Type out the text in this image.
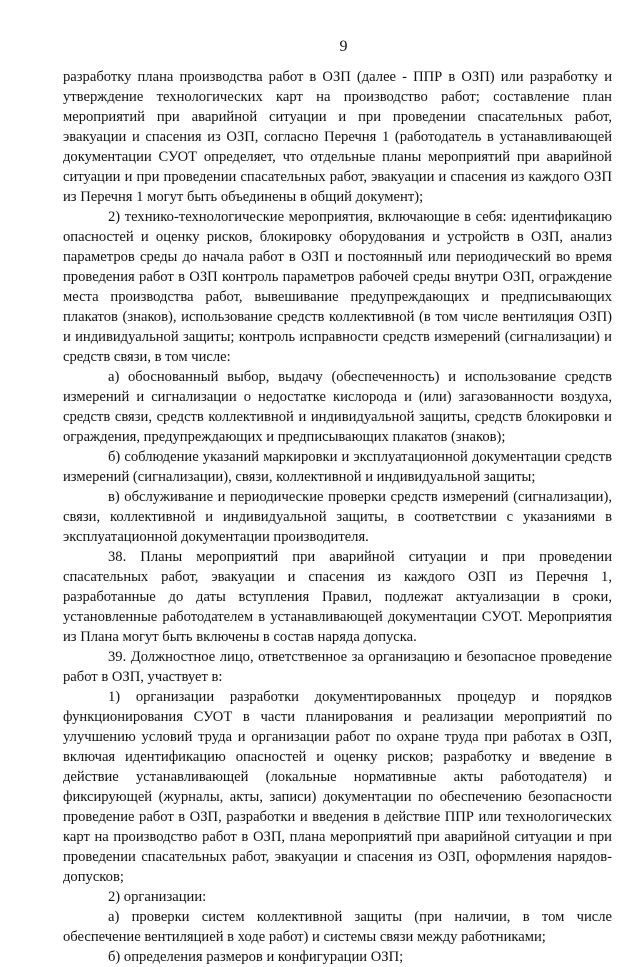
9

разработку плана производства работ в ОЗП (далее - ППР в ОЗП) или разработку и утверждение технологических карт на производство работ; составление план мероприятий при аварийной ситуации и при проведении спасательных работ, эвакуации и спасения из ОЗП, согласно Перечня 1 (работодатель в устанавливающей документации СУОТ определяет, что отдельные планы мероприятий при аварийной ситуации и при проведении спасательных работ, эвакуации и спасения из каждого ОЗП из Перечня 1 могут быть объединены в общий документ);

2) технико-технологические мероприятия, включающие в себя: идентификацию опасностей и оценку рисков, блокировку оборудования и устройств в ОЗП, анализ параметров среды до начала работ в ОЗП и постоянный или периодический во время проведения работ в ОЗП контроль параметров рабочей среды внутри ОЗП, ограждение места производства работ, вывешивание предупреждающих и предписывающих плакатов (знаков), использование средств коллективной (в том числе вентиляция ОЗП) и индивидуальной защиты; контроль исправности средств измерений (сигнализации) и средств связи, в том числе:

а) обоснованный выбор, выдачу (обеспеченность) и использование средств измерений и сигнализации о недостатке кислорода и (или) загазованности воздуха, средств связи, средств коллективной и индивидуальной защиты, средств блокировки и ограждения, предупреждающих и предписывающих плакатов (знаков);

б) соблюдение указаний маркировки и эксплуатационной документации средств измерений (сигнализации), связи, коллективной и индивидуальной защиты;

в) обслуживание и периодические проверки средств измерений (сигнализации), связи, коллективной и индивидуальной защиты, в соответствии с указаниями в эксплуатационной документации производителя.

38. Планы мероприятий при аварийной ситуации и при проведении спасательных работ, эвакуации и спасения из каждого ОЗП из Перечня 1, разработанные до даты вступления Правил, подлежат актуализации в сроки, установленные работодателем в устанавливающей документации СУОТ. Мероприятия из Плана могут быть включены в состав наряда допуска.

39. Должностное лицо, ответственное за организацию и безопасное проведение работ в ОЗП, участвует в:

1) организации разработки документированных процедур и порядков функционирования СУОТ в части планирования и реализации мероприятий по улучшению условий труда и организации работ по охране труда при работах в ОЗП, включая идентификацию опасностей и оценку рисков; разработку и введение в действие устанавливающей (локальные нормативные акты работодателя) и фиксирующей (журналы, акты, записи) документации по обеспечению безопасности проведение работ в ОЗП, разработки и введения в действие ППР или технологических карт на производство работ в ОЗП, плана мероприятий при аварийной ситуации и при проведении спасательных работ, эвакуации и спасения из ОЗП, оформления нарядов-допусков;

2) организации:

а) проверки систем коллективной защиты (при наличии, в том числе обеспечение вентиляцией в ходе работ) и системы связи между работниками;

б) определения размеров и конфигурации ОЗП;
